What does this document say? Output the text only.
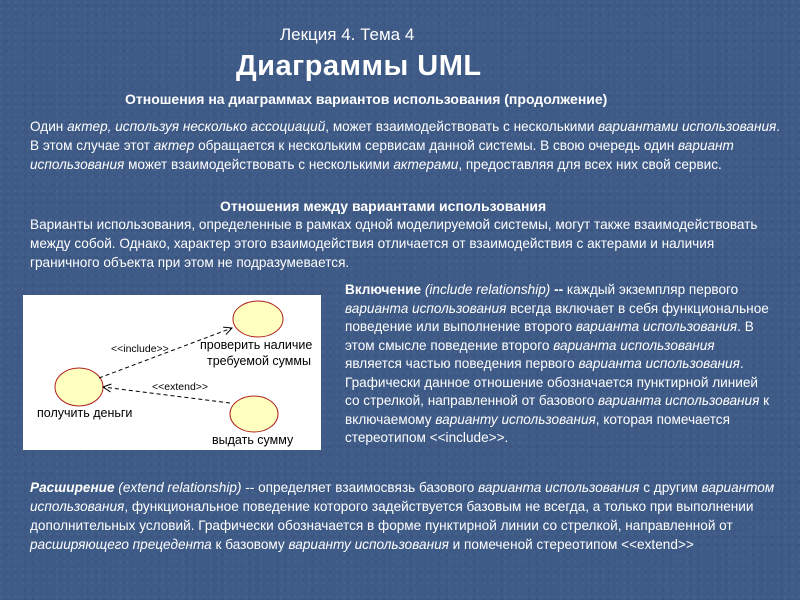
Лекция 4. Тема 4
Диаграммы UML
Отношения на диаграммах вариантов использования (продолжение)
Один актер, используя несколько ассоциаций, может взаимодействовать с несколькими вариантами использования. В этом случае этот актер обращается к нескольким сервисам данной системы. В свою очередь один вариант использования может взаимодействовать с несколькими актерами, предоставляя для всех них свой сервис.
Отношения между вариантами использования
Варианты использования, определенные в рамках одной моделируемой системы, могут также взаимодействовать между собой. Однако, характер этого взаимодействия отличается от взаимодействия с актерами и наличия граничного объекта при этом не подразумевается.
<<include>>
<<extend>>
проверить наличие
требуемой суммы
получить деньги
выдать сумму
Включение (include relationship) -- каждый экземпляр первого варианта использования всегда включает в себя функциональное поведение или выполнение второго варианта использования. В этом смысле поведение второго варианта использования является частью поведения первого варианта использования. Графически данное отношение обозначается пунктирной линией со стрелкой, направленной от базового варианта использования к включаемому варианту использования, которая помечается стереотипом <<include>>.
Расширение (extend relationship) -- определяет взаимосвязь базового варианта использования с другим вариантом использования, функциональное поведение которого задействуется базовым не всегда, а только при выполнении дополнительных условий. Графически обозначается в форме пунктирной линии со стрелкой, направленной от расширяющего прецедента к базовому варианту использования и помеченой стереотипом <<extend>>
